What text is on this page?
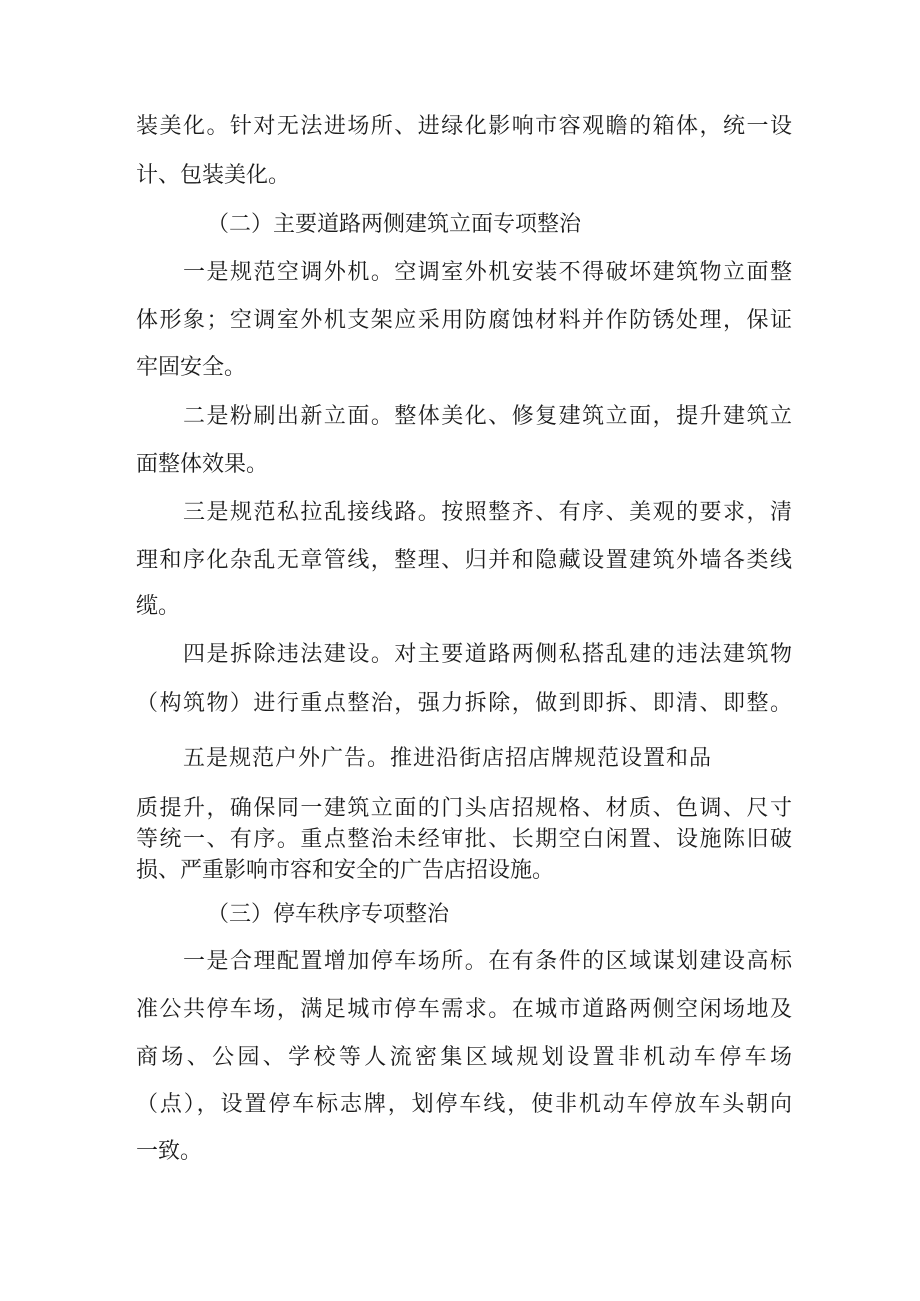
装美化。针对无法进场所、进绿化影响市容观瞻的箱体，统一设
计、包装美化。
（二）主要道路两侧建筑立面专项整治
一是规范空调外机。空调室外机安装不得破坏建筑物立面整
体形象；空调室外机支架应采用防腐蚀材料并作防锈处理，保证
牢固安全。
二是粉刷出新立面。整体美化、修复建筑立面，提升建筑立
面整体效果。
三是规范私拉乱接线路。按照整齐、有序、美观的要求，清
理和序化杂乱无章管线，整理、归并和隐藏设置建筑外墙各类线
缆。
四是拆除违法建设。对主要道路两侧私搭乱建的违法建筑物
（构筑物）进行重点整治，强力拆除，做到即拆、即清、即整。
五是规范户外广告。推进沿街店招店牌规范设置和品
质提升，确保同一建筑立面的门头店招规格、材质、色调、尺寸
等统一、有序。重点整治未经审批、长期空白闲置、设施陈旧破
损、严重影响市容和安全的广告店招设施。
（三）停车秩序专项整治
一是合理配置增加停车场所。在有条件的区域谋划建设高标
准公共停车场，满足城市停车需求。在城市道路两侧空闲场地及
商场、公园、学校等人流密集区域规划设置非机动车停车场
（点），设置停车标志牌，划停车线，使非机动车停放车头朝向
一致。
